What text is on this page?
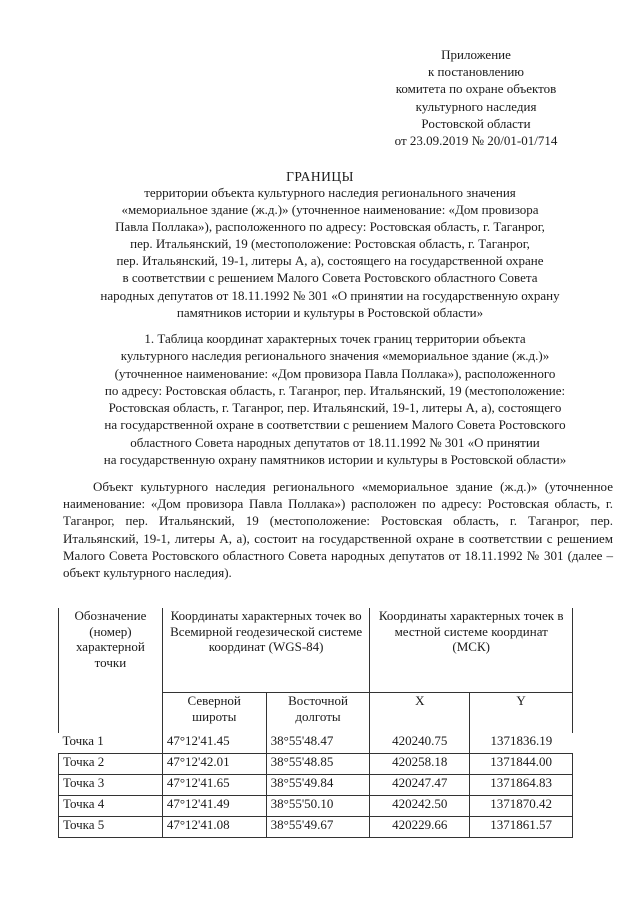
Приложение
к постановлению
комитета по охране объектов
культурного наследия
Ростовской области
от 23.09.2019 № 20/01-01/714
ГРАНИЦЫ
территории объекта культурного наследия регионального значения
«мемориальное здание (ж.д.)» (уточненное наименование: «Дом провизора
Павла Поллака»), расположенного по адресу: Ростовская область, г. Таганрог,
пер. Итальянский, 19 (местоположение: Ростовская область, г. Таганрог,
пер. Итальянский, 19-1, литеры А, а), состоящего на государственной охране
в соответствии с решением Малого Совета Ростовского областного Совета
народных депутатов от 18.11.1992 № 301 «О принятии на государственную охрану
памятников истории и культуры в Ростовской области»
1. Таблица координат характерных точек границ территории объекта
культурного наследия регионального значения «мемориальное здание (ж.д.)»
(уточненное наименование: «Дом провизора Павла Поллака»), расположенного
по адресу: Ростовская область, г. Таганрог, пер. Итальянский, 19 (местоположение:
Ростовская область, г. Таганрог, пер. Итальянский, 19-1, литеры А, а), состоящего
на государственной охране в соответствии с решением Малого Совета Ростовского
областного Совета народных депутатов от 18.11.1992 № 301 «О принятии
на государственную охрану памятников истории и культуры в Ростовской области»

Объект культурного наследия регионального «мемориальное здание (ж.д.)» (уточненное наименование: «Дом провизора Павла Поллака») расположен по адресу: Ростовская область, г. Таганрог, пер. Итальянский, 19 (местоположение: Ростовская область, г. Таганрог, пер. Итальянский, 19-1, литеры А, а), состоит на государственной охране в соответствии с решением Малого Совета Ростовского областного Совета народных депутатов от 18.11.1992 № 301 (далее – объект культурного наследия).

Обозначение (номер) характерной точки	Координаты характерных точек во Всемирной геодезической системе координат (WGS-84)		Координаты характерных точек в местной системе координат (МСК)	
	Северной широты	Восточной долготы	X	Y
Точка 1	47°12'41.45	38°55'48.47	420240.75	1371836.19
Точка 2	47°12'42.01	38°55'48.85	420258.18	1371844.00
Точка 3	47°12'41.65	38°55'49.84	420247.47	1371864.83
Точка 4	47°12'41.49	38°55'50.10	420242.50	1371870.42
Точка 5	47°12'41.08	38°55'49.67	420229.66	1371861.57
